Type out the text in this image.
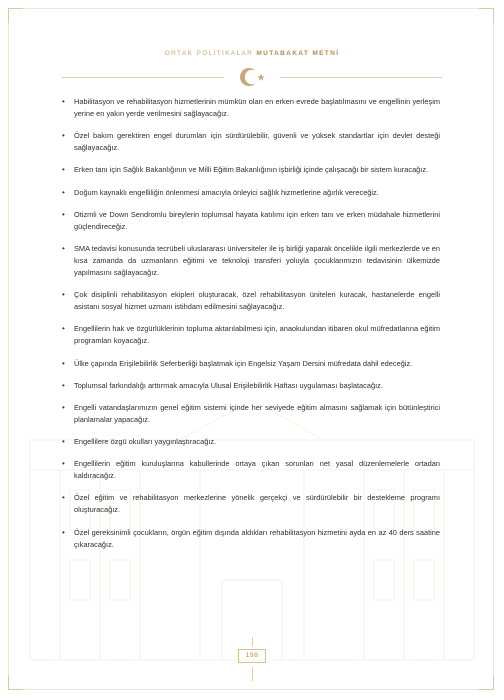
ORTAK POLİTİKALAR MUTABAKAT METNİ
• Habilitasyon ve rehabilitasyon hizmetlerinin mümkün olan en erken evrede başlatılmasını ve engellinin yerleşim yerine en yakın yerde verilmesini sağlayacağız.
• Özel bakım gerektiren engel durumları için sürdürülebilir, güvenli ve yüksek standartlar için devlet desteği sağlayacağız.
• Erken tanı için Sağlık Bakanlığının ve Milli Eğitim Bakanlığının işbirliği içinde çalışacağı bir sistem kuracağız.
• Doğum kaynaklı engelliliğin önlenmesi amacıyla önleyici sağlık hizmetlerine ağırlık vereceğiz.
• Otizmli ve Down Sendromlu bireylerin toplumsal hayata katılımı için erken tanı ve erken müdahale hizmetlerini güçlendireceğiz.
• SMA tedavisi konusunda tecrübeli uluslararası üniversiteler ile iş birliği yaparak öncelikle ilgili merkezlerde ve en kısa zamanda da uzmanların eğitimi ve teknoloji transferi yoluyla çocuklarımızın tedavisinin ülkemizde yapılmasını sağlayacağız.
• Çok disiplinli rehabilitasyon ekipleri oluşturacak, özel rehabilitasyon üniteleri kuracak, hastanelerde engelli asistanı sosyal hizmet uzmanı istihdam edilmesini sağlayacağız.
• Engellilerin hak ve özgürlüklerinin topluma aktarılabilmesi için, anaokulundan itibaren okul müfredatlarına eğitim programları koyacağız.
• Ülke çapında Erişilebilirlik Seferberliği başlatmak için Engelsiz Yaşam Dersini müfredata dahil edeceğiz.
• Toplumsal farkındalığı arttırmak amacıyla Ulusal Erişilebilirlik Haftası uygulaması başlatacağız.
• Engelli vatandaşlarımızın genel eğitim sistemi içinde her seviyede eğitim almasını sağlamak için bütünleştirici planlamalar yapacağız.
• Engellilere özgü okulları yaygınlaştıracağız.
• Engellilerin eğitim kuruluşlarına kabullerinde ortaya çıkan sorunları net yasal düzenlemelerle ortadan kaldıracağız.
• Özel eğitim ve rehabilitasyon merkezlerine yönelik gerçekçi ve sürdürülebilir bir destekleme programı oluşturacağız.
• Özel gereksinimli çocukların, örgün eğitim dışında aldıkları rehabilitasyon hizmetini ayda en az 40 ders saatine çıkaracağız.
198
